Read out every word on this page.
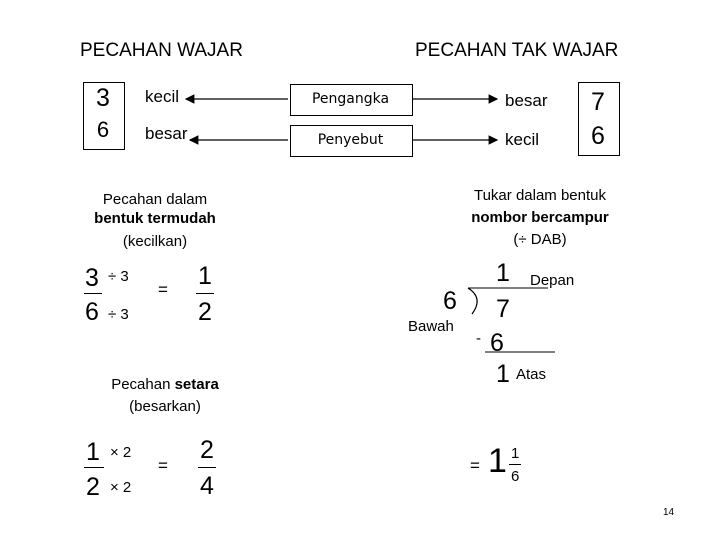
PECAHAN WAJAR	PECAHAN TAK WAJAR
3
6
7
6
kecil
besar
Pengangka
Penyebut
besar
kecil
Pecahan dalam
bentuk termudah
(kecilkan)
3 ÷ 3
6 ÷ 3
= 1
2
Tukar dalam bentuk
nombor bercampur
(÷ DAB)
1 Depan
6
Bawah
7
- 6
1 Atas
Pecahan setara
(besarkan)
1 × 2
2 × 2
=
2
4
= 1 1
6
14
